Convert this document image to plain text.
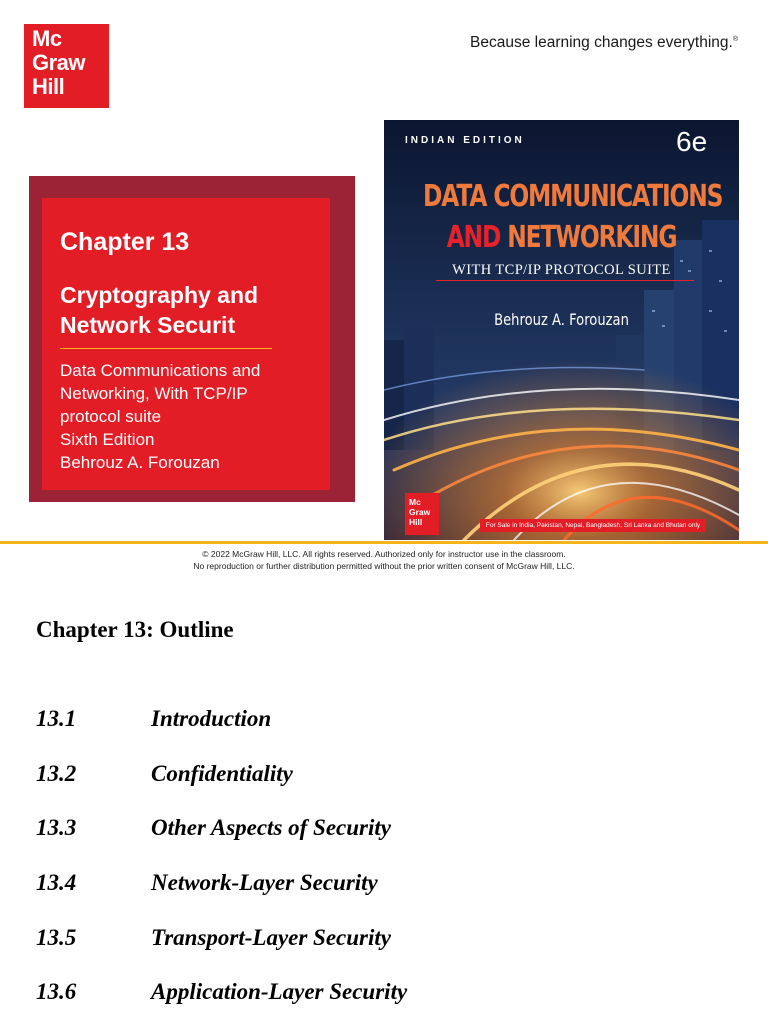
Mc
Graw
Hill
Because learning changes everything.®
Chapter 13
Cryptography and
Network Securit
Data Communications and
Networking, With TCP/IP
protocol suite
Sixth Edition
Behrouz A. Forouzan
INDIAN EDITION	6e
DATA COMMUNICATIONS
AND NETWORKING
WITH TCP/IP PROTOCOL SUITE
Behrouz A. Forouzan
Mc
Graw
Hill	For Sale in India, Pakistan, Nepal, Bangladesh, Sri Lanka and Bhutan only
© 2022 McGraw Hill, LLC. All rights reserved. Authorized only for instructor use in the classroom.
No reproduction or further distribution permitted without the prior written consent of McGraw Hill, LLC.
Chapter 13: Outline
13.1	Introduction
13.2	Confidentiality
13.3	Other Aspects of Security
13.4	Network-Layer Security
13.5	Transport-Layer Security
13.6	Application-Layer Security
